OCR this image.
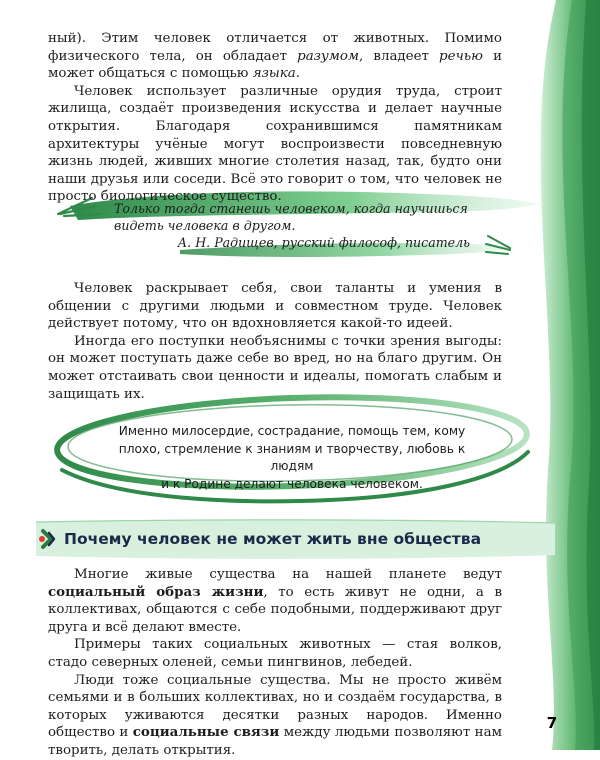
ный). Этим человек отличается от животных. Помимо физического тела, он обладает разумом, владеет речью и может общаться с помощью языка.

Человек использует различные орудия труда, строит жилища, создаёт произведения искусства и делает научные открытия. Благодаря сохранившимся памятникам архитектуры учёные могут воспроизвести повседневную жизнь людей, живших многие столетия назад, так, будто они наши друзья или соседи. Всё это говорит о том, что человек не просто биологическое существо.

Только тогда станешь человеком, когда научишься видеть человека в другом.
А. Н. Радищев, русский философ, писатель

Человек раскрывает себя, свои таланты и умения в общении с другими людьми и совместном труде. Человек действует потому, что он вдохновляется какой-то идеей.

Иногда его поступки необъяснимы с точки зрения выгоды: он может поступать даже себе во вред, но на благо другим. Он может отстаивать свои ценности и идеалы, помогать слабым и защищать их.

Именно милосердие, сострадание, помощь тем, кому
плохо, стремление к знаниям и творчеству, любовь к людям
и к Родине делают человека человеком.
Почему человек не может жить вне общества

Многие живые существа на нашей планете ведут социальный образ жизни, то есть живут не одни, а в коллективах, общаются с себе подобными, поддерживают друг друга и всё делают вместе.

Примеры таких социальных животных — стая волков, стадо северных оленей, семьи пингвинов, лебедей.

Люди тоже социальные существа. Мы не просто живём семьями и в больших коллективах, но и создаём государства, в которых уживаются десятки разных народов. Именно общество и социальные связи между людьми позволяют нам творить, делать открытия.

7
